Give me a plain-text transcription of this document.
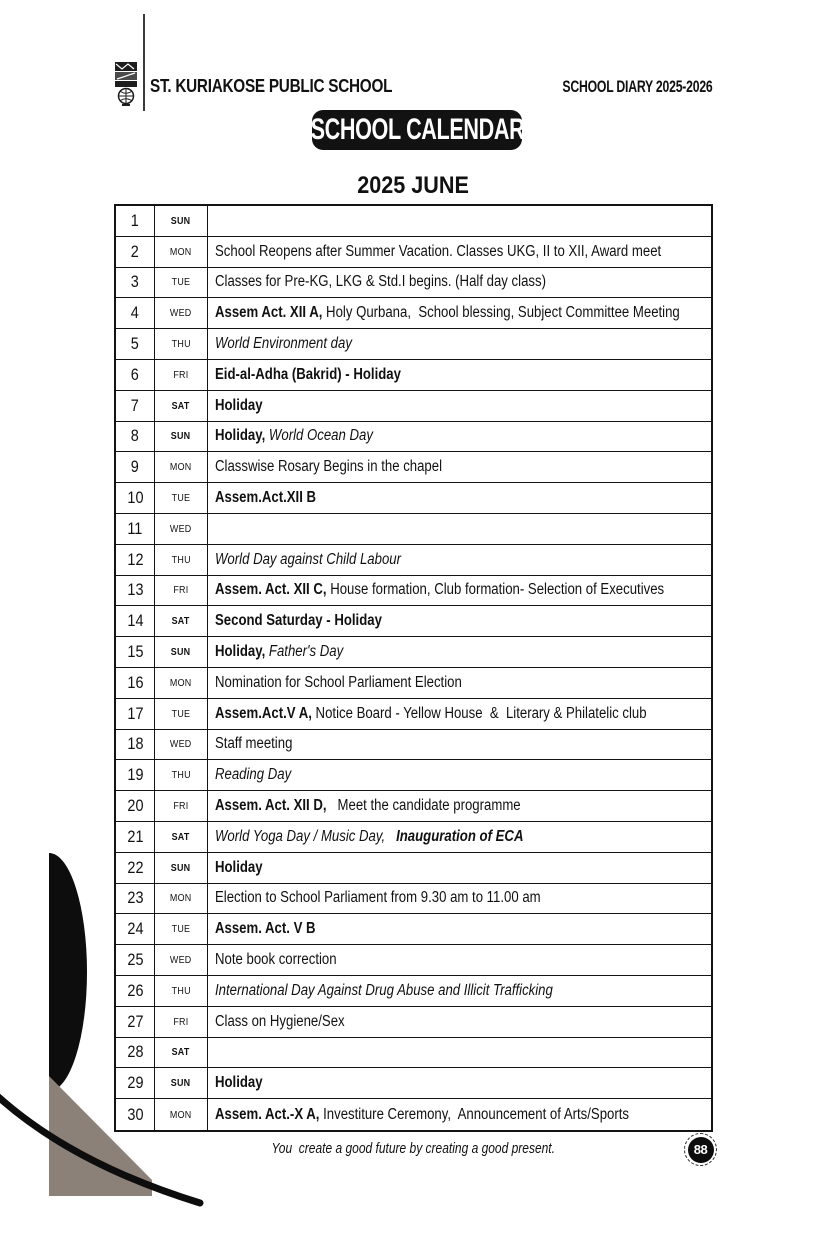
ST. KURIAKOSE PUBLIC SCHOOL	SCHOOL DIARY 2025-2026
SCHOOL CALENDAR
2025 JUNE
1	SUN
2	MON School Reopens after Summer Vacation. Classes UKG, II to XII, Award meet
3	TUE Classes for Pre-KG, LKG & Std.I begins. (Half day class)
4	WED Assem Act. XII A, Holy Qurbana,  School blessing, Subject Committee Meeting
5	THU World Environment day
6	FRI Eid-al-Adha (Bakrid) - Holiday
7	SAT Holiday
8	SUN Holiday, World Ocean Day
9	MON Classwise Rosary Begins in the chapel
10	TUE Assem.Act.XII B
11	WED
12	THU World Day against Child Labour
13	FRI Assem. Act. XII C, House formation, Club formation- Selection of Executives
14	SAT Second Saturday - Holiday
15	SUN Holiday, Father's Day
16	MON Nomination for School Parliament Election
17	TUE Assem.Act.V A, Notice Board - Yellow House  &  Literary & Philatelic club
18	WED Staff meeting
19	THU Reading Day
20	FRI Assem. Act. XII D,   Meet the candidate programme
21	SAT World Yoga Day / Music Day,   Inauguration of ECA
22	SUN Holiday
23	MON Election to School Parliament from 9.30 am to 11.00 am
24	TUE Assem. Act. V B
25	WED Note book correction
26	THU International Day Against Drug Abuse and Illicit Trafficking
27	FRI Class on Hygiene/Sex
28	SAT
29	SUN Holiday
30	MON Assem. Act.-X A, Investiture Ceremony,  Announcement of Arts/Sports
You  create a good future by creating a good present.	88
